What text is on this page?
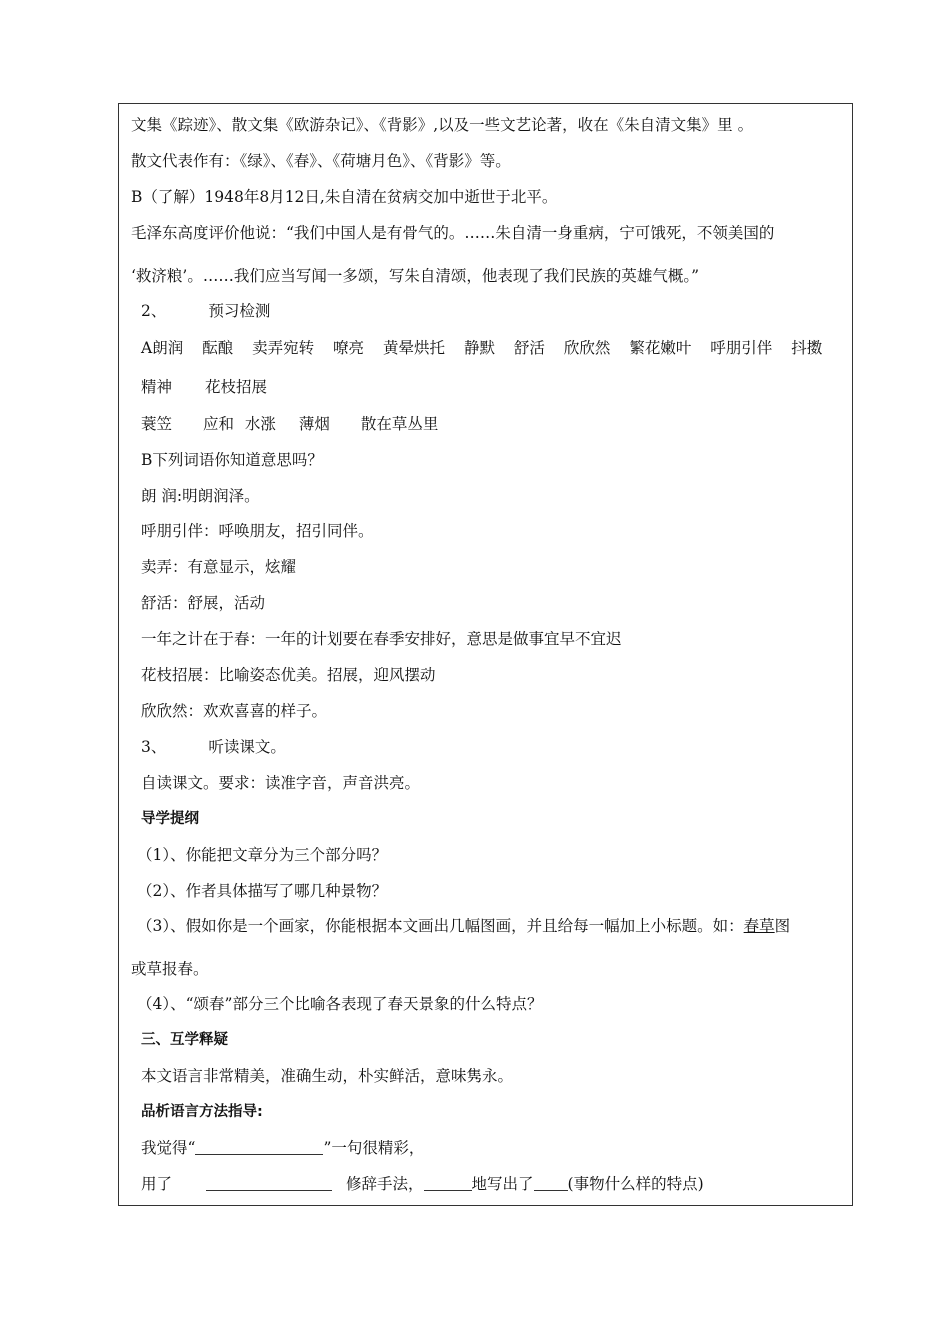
文集《踪迹》、散文集《欧游杂记》、《背影》,以及一些文艺论著，收在《朱自清文集》里 。
散文代表作有：《绿》、《春》、《荷塘月色》、《背影》等。
B（了解）1948年8月12日,朱自清在贫病交加中逝世于北平。
毛泽东高度评价他说：“我们中国人是有骨气的。……朱自清一身重病，宁可饿死，不领美国的
‘救济粮’。……我们应当写闻一多颂，写朱自清颂，他表现了我们民族的英雄气概。”
2、	预习检测
A朗润 酝酿 卖弄宛转 嘹亮 黄晕烘托 静默 舒活 欣欣然 繁花嫩叶 呼朋引伴 抖擞
精神 花枝招展
蓑笠 应和 水涨 薄烟 散在草丛里
B下列词语你知道意思吗？
朗 润:明朗润泽。
呼朋引伴：呼唤朋友，招引同伴。
卖弄：有意显示，炫耀
舒活：舒展，活动
一年之计在于春：一年的计划要在春季安排好，意思是做事宜早不宜迟
花枝招展：比喻姿态优美。招展，迎风摆动
欣欣然：欢欢喜喜的样子。
3、	听读课文。
自读课文。要求：读准字音，声音洪亮。
导学提纲
（1）、你能把文章分为三个部分吗？
（2）、作者具体描写了哪几种景物？
（3）、假如你是一个画家，你能根据本文画出几幅图画，并且给每一幅加上小标题。如：春草图
或草报春。
（4）、“颂春”部分三个比喻各表现了春天景象的什么特点？
三、互学释疑
本文语言非常精美，准确生动，朴实鲜活，意味隽永。
品析语言方法指导:
我觉得“	”一句很精彩，
用了	修辞手法，	地写出了 (事物什么样的特点)
